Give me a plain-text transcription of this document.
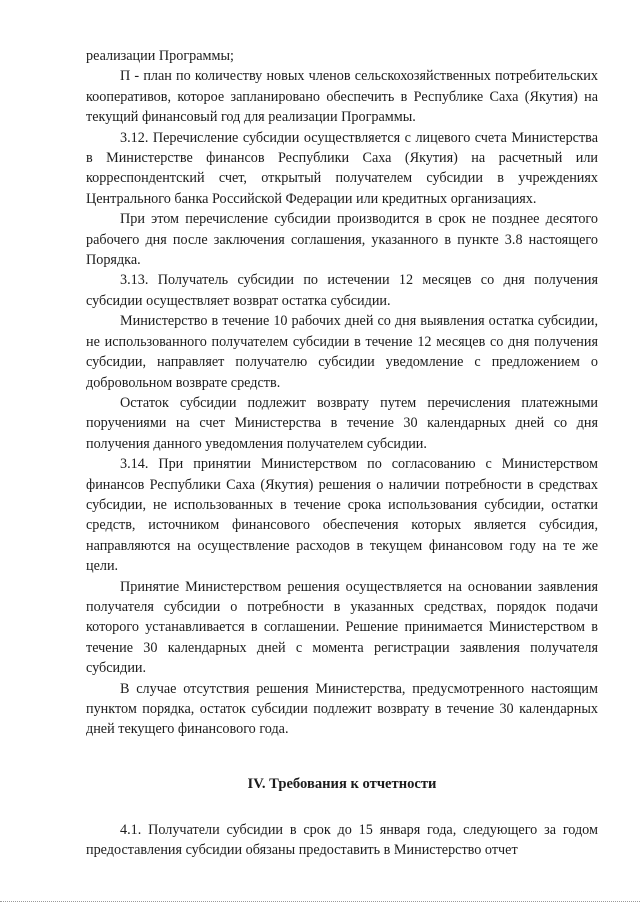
реализации Программы;

П - план по количеству новых членов сельскохозяйственных потребительских кооперативов, которое запланировано обеспечить в Республике Саха (Якутия) на текущий финансовый год для реализации Программы.

3.12. Перечисление субсидии осуществляется с лицевого счета Министерства в Министерстве финансов Республики Саха (Якутия) на расчетный или корреспондентский счет, открытый получателем субсидии в учреждениях Центрального банка Российской Федерации или кредитных организациях.

При этом перечисление субсидии производится в срок не позднее десятого рабочего дня после заключения соглашения, указанного в пункте 3.8 настоящего Порядка.

3.13. Получатель субсидии по истечении 12 месяцев со дня получения субсидии осуществляет возврат остатка субсидии.

Министерство в течение 10 рабочих дней со дня выявления остатка субсидии, не использованного получателем субсидии в течение 12 месяцев со дня получения субсидии, направляет получателю субсидии уведомление с предложением о добровольном возврате средств.

Остаток субсидии подлежит возврату путем перечисления платежными поручениями на счет Министерства в течение 30 календарных дней со дня получения данного уведомления получателем субсидии.

3.14. При принятии Министерством по согласованию с Министерством финансов Республики Саха (Якутия) решения о наличии потребности в средствах субсидии, не использованных в течение срока использования субсидии, остатки средств, источником финансового обеспечения которых является субсидия, направляются на осуществление расходов в текущем финансовом году на те же цели.

Принятие Министерством решения осуществляется на основании заявления получателя субсидии о потребности в указанных средствах, порядок подачи которого устанавливается в соглашении. Решение принимается Министерством в течение 30 календарных дней с момента регистрации заявления получателя субсидии.

В случае отсутствия решения Министерства, предусмотренного настоящим пунктом порядка, остаток субсидии подлежит возврату в течение 30 календарных дней текущего финансового года.

IV. Требования к отчетности

4.1. Получатели субсидии в срок до 15 января года, следующего за годом предоставления субсидии обязаны предоставить в Министерство отчет
